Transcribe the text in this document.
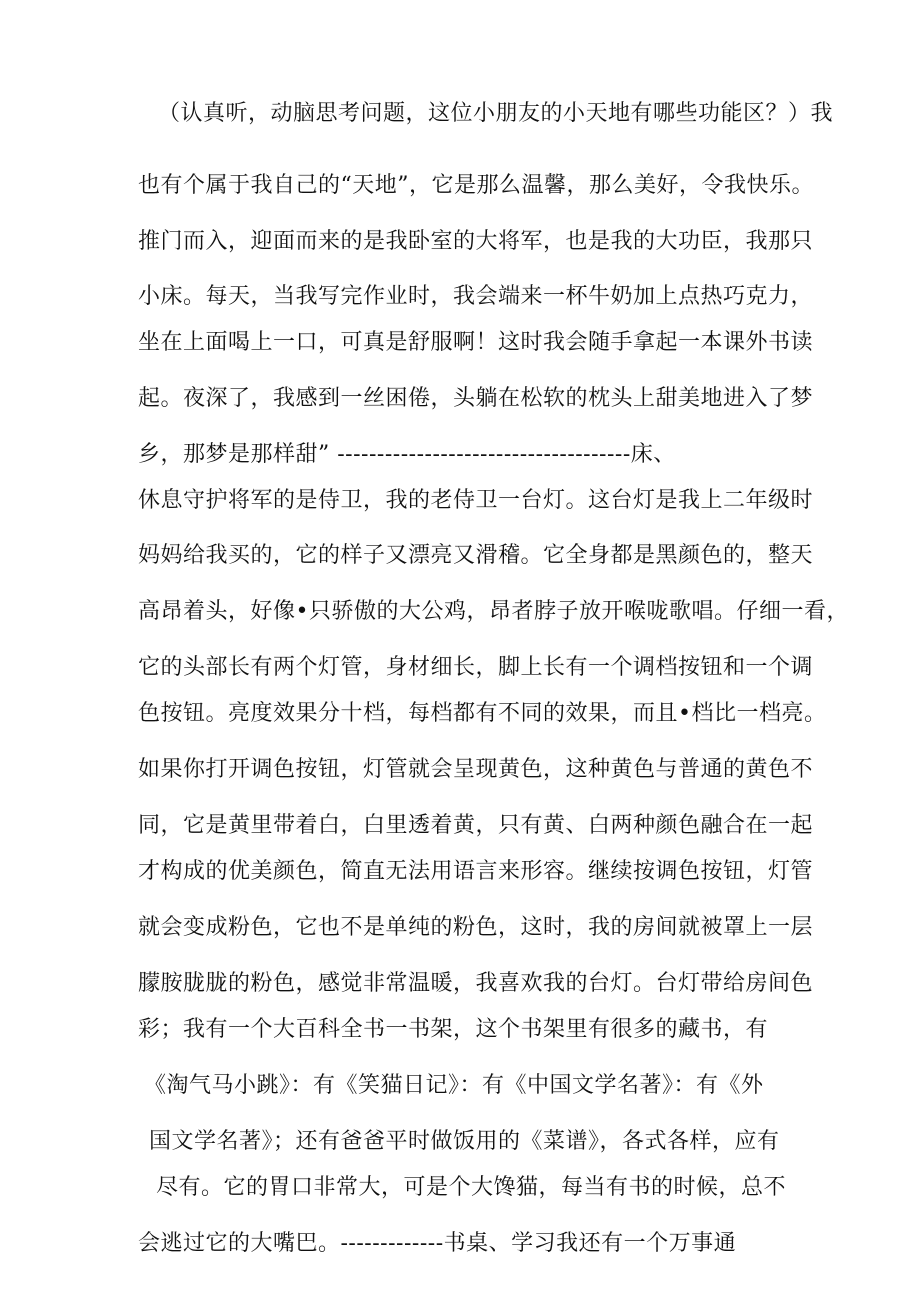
（认真听，动脑思考问题，这位小朋友的小天地有哪些功能区？）我

也有个属于我自己的“天地”，它是那么温馨，那么美好，令我快乐。

推门而入，迎面而来的是我卧室的大将军，也是我的大功臣，我那只

小床。每天，当我写完作业时，我会端来一杯牛奶加上点热巧克力，

坐在上面喝上一口，可真是舒服啊！这时我会随手拿起一本课外书读

起。夜深了，我感到一丝困倦，头躺在松软的枕头上甜美地进入了梦

乡，那梦是那样甜” -------------------------------------床、

休息守护将军的是侍卫，我的老侍卫一台灯。这台灯是我上二年级时

妈妈给我买的，它的样子又漂亮又滑稽。它全身都是黑颜色的，整天

高昂着头，好像•只骄傲的大公鸡，昂者脖子放开喉咙歌唱。仔细一看，

它的头部长有两个灯管，身材细长，脚上长有一个调档按钮和一个调

色按钮。亮度效果分十档，每档都有不同的效果，而且•档比一档亮。

如果你打开调色按钮，灯管就会呈现黄色，这种黄色与普通的黄色不

同，它是黄里带着白，白里透着黄，只有黄、白两种颜色融合在一起

才构成的优美颜色，简直无法用语言来形容。继续按调色按钮，灯管

就会变成粉色，它也不是单纯的粉色，这时，我的房间就被罩上一层

朦胺胧胧的粉色，感觉非常温暖，我喜欢我的台灯。台灯带给房间色

彩；我有一个大百科全书一书架，这个书架里有很多的藏书，有

《淘气马小跳》：有《笑猫日记》：有《中国文学名著》：有《外

国文学名著》；还有爸爸平时做饭用的《菜谱》，各式各样，应有

尽有。它的胃口非常大，可是个大馋猫，每当有书的时候，总不

会逃过它的大嘴巴。-------------书桌、学习我还有一个万事通
